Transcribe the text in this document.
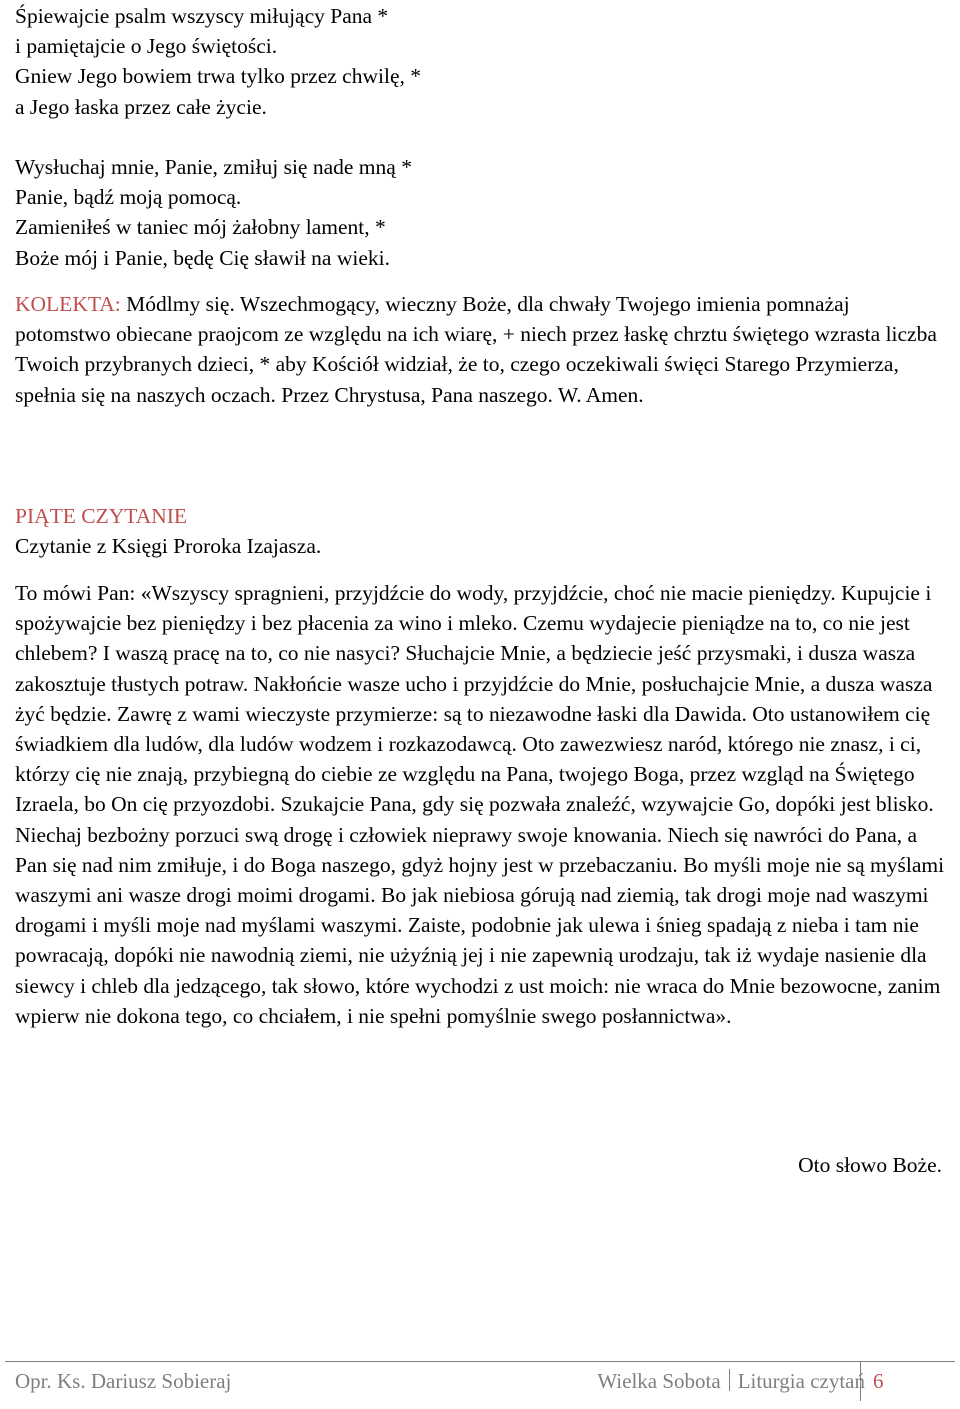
Śpiewajcie psalm wszyscy miłujący Pana *
i pamiętajcie o Jego świętości.
Gniew Jego bowiem trwa tylko przez chwilę, *
a Jego łaska przez całe życie.
Wysłuchaj mnie, Panie, zmiłuj się nade mną *
Panie, bądź moją pomocą.
Zamieniłeś w taniec mój żałobny lament, *
Boże mój i Panie, będę Cię sławił na wieki.
KOLEKTA: Módlmy się. Wszechmogący, wieczny Boże, dla chwały Twojego imienia pomnażaj potomstwo obiecane praojcom ze względu na ich wiarę, + niech przez łaskę chrztu świętego wzrasta liczba Twoich przybranych dzieci, * aby Kościół widział, że to, czego oczekiwali święci Starego Przymierza, spełnia się na naszych oczach. Przez Chrystusa, Pana naszego. W. Amen.
PIĄTE CZYTANIE
Czytanie z Księgi Proroka Izajasza.
To mówi Pan: «Wszyscy spragnieni, przyjdźcie do wody, przyjdźcie, choć nie macie pieniędzy. Kupujcie i spożywajcie bez pieniędzy i bez płacenia za wino i mleko. Czemu wydajecie pieniądze na to, co nie jest chlebem? I waszą pracę na to, co nie nasyci? Słuchajcie Mnie, a będziecie jeść przysmaki, i dusza wasza zakosztuje tłustych potraw. Nakłońcie wasze ucho i przyjdźcie do Mnie, posłuchajcie Mnie, a dusza wasza żyć będzie. Zawrę z wami wieczyste przymierze: są to niezawodne łaski dla Dawida. Oto ustanowiłem cię świadkiem dla ludów, dla ludów wodzem i rozkazodawcą. Oto zawezwiesz naród, którego nie znasz, i ci, którzy cię nie znają, przybiegną do ciebie ze względu na Pana, twojego Boga, przez wzgląd na Świętego Izraela, bo On cię przyozdobi. Szukajcie Pana, gdy się pozwała znaleźć, wzywajcie Go, dopóki jest blisko. Niechaj bezbożny porzuci swą drogę i człowiek nieprawy swoje knowania. Niech się nawróci do Pana, a Pan się nad nim zmiłuje, i do Boga naszego, gdyż hojny jest w przebaczaniu. Bo myśli moje nie są myślami waszymi ani wasze drogi moimi drogami. Bo jak niebiosa górują nad ziemią, tak drogi moje nad waszymi drogami i myśli moje nad myślami waszymi. Zaiste, podobnie jak ulewa i śnieg spadają z nieba i tam nie powracają, dopóki nie nawodnią ziemi, nie użyźnią jej i nie zapewnią urodzaju, tak iż wydaje nasienie dla siewcy i chleb dla jedzącego, tak słowo, które wychodzi z ust moich: nie wraca do Mnie bezowocne, zanim wpierw nie dokona tego, co chciałem, i nie spełni pomyślnie swego posłannictwa».
Oto słowo Boże.
Opr. Ks. Dariusz Sobieraj	Wielka Sobota Liturgia czytań 6
